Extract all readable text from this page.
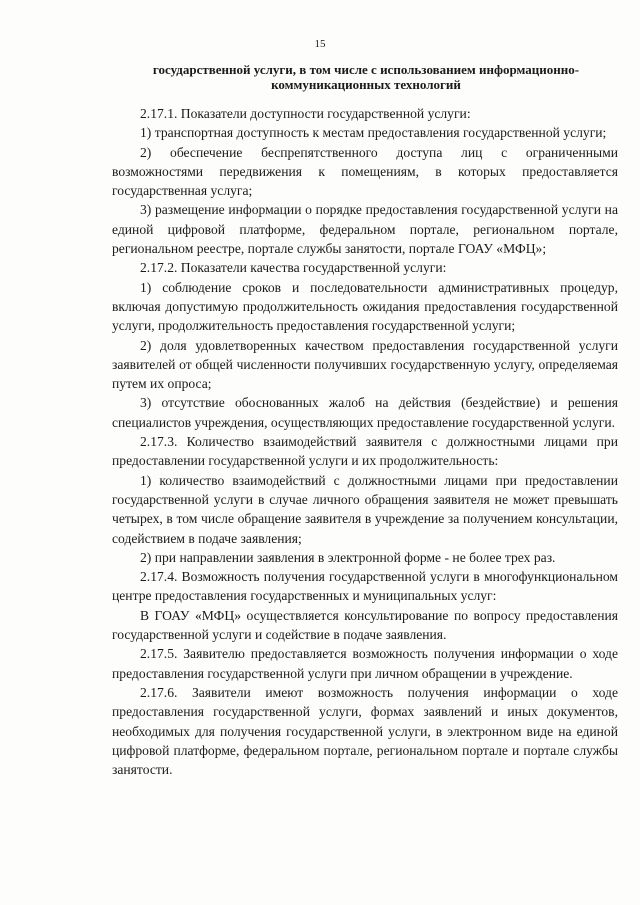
15
государственной услуги, в том числе с использованием информационно-коммуникационных технологий

2.17.1. Показатели доступности государственной услуги:

1) транспортная доступность к местам предоставления государственной услуги;

2) обеспечение беспрепятственного доступа лиц с ограниченными возможностями передвижения к помещениям, в которых предоставляется государственная услуга;

3) размещение информации о порядке предоставления государственной услуги на единой цифровой платформе, федеральном портале, региональном портале, региональном реестре, портале службы занятости, портале ГОАУ «МФЦ»;

2.17.2. Показатели качества государственной услуги:

1) соблюдение сроков и последовательности административных процедур, включая допустимую продолжительность ожидания предоставления государственной услуги, продолжительность предоставления государственной услуги;

2) доля удовлетворенных качеством предоставления государственной услуги заявителей от общей численности получивших государственную услугу, определяемая путем их опроса;

3) отсутствие обоснованных жалоб на действия (бездействие) и решения специалистов учреждения, осуществляющих предоставление государственной услуги.

2.17.3. Количество взаимодействий заявителя с должностными лицами при предоставлении государственной услуги и их продолжительность:

1) количество взаимодействий с должностными лицами при предоставлении государственной услуги в случае личного обращения заявителя не может превышать четырех, в том числе обращение заявителя в учреждение за получением консультации, содействием в подаче заявления;

2) при направлении заявления в электронной форме - не более трех раз.

2.17.4. Возможность получения государственной услуги в многофункциональном центре предоставления государственных и муниципальных услуг:

В ГОАУ «МФЦ» осуществляется консультирование по вопросу предоставления государственной услуги и содействие в подаче заявления.

2.17.5. Заявителю предоставляется возможность получения информации о ходе предоставления государственной услуги при личном обращении в учреждение.

2.17.6. Заявители имеют возможность получения информации о ходе предоставления государственной услуги, формах заявлений и иных документов, необходимых для получения государственной услуги, в электронном виде на единой цифровой платформе, федеральном портале, региональном портале и портале службы занятости.
